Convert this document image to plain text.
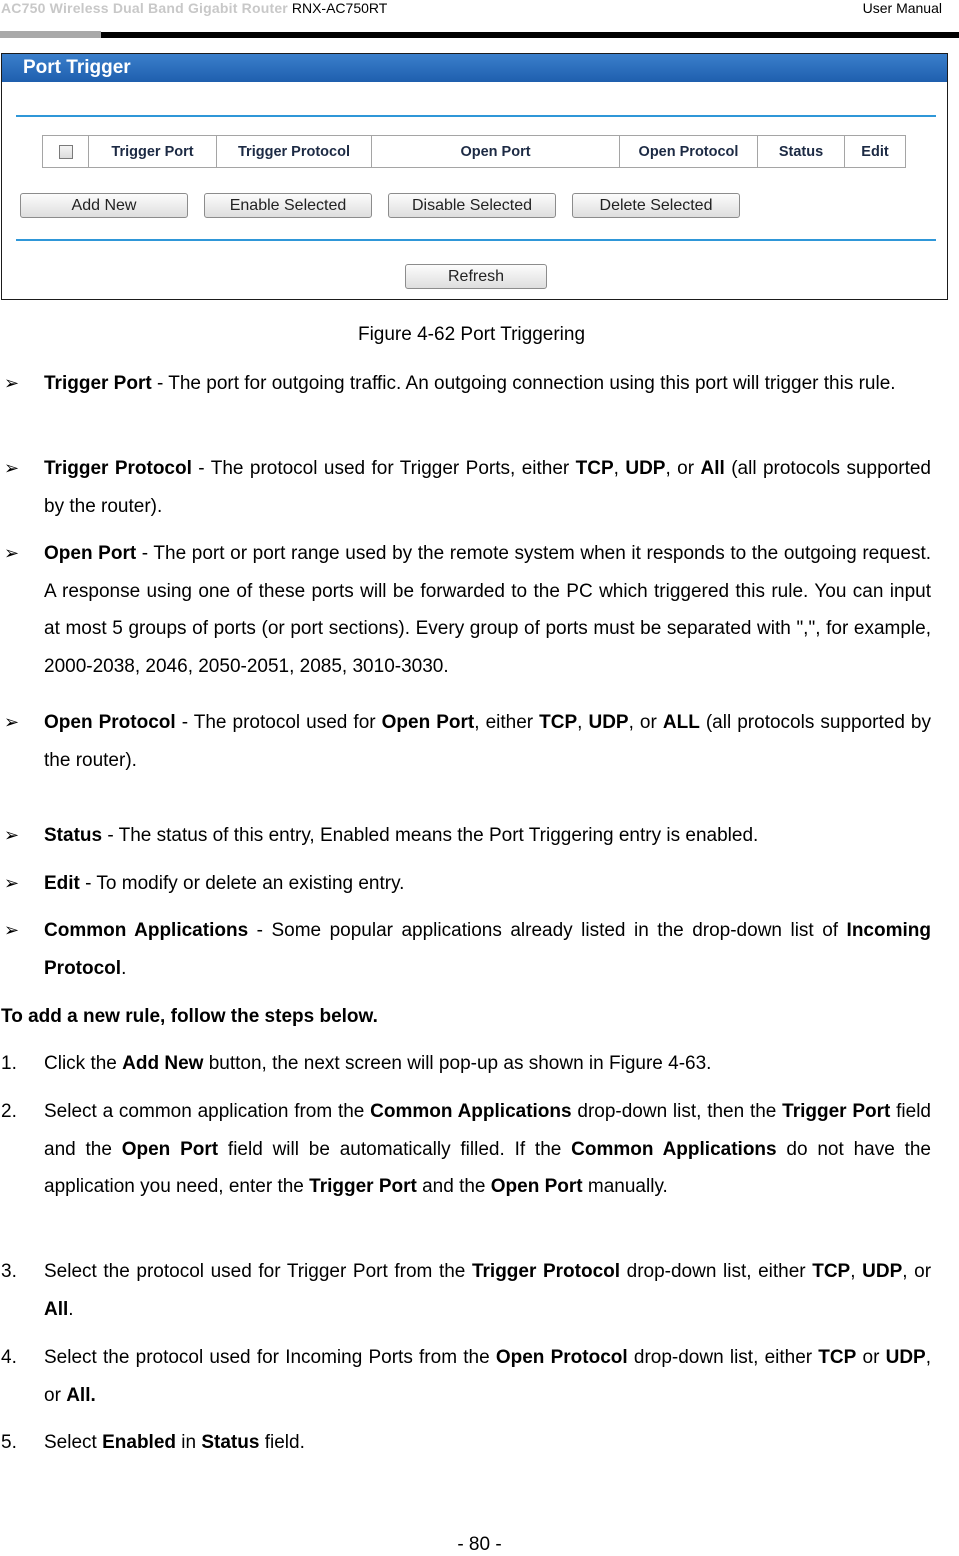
AC750 Wireless Dual Band Gigabit Router RNX-AC750RT	User Manual
Port Trigger
Trigger Port	Trigger Protocol	Open Port	Open Protocol	Status	Edit
Add New	Enable Selected	Disable Selected	Delete Selected
Refresh
Figure 4-62 Port Triggering
➢ Trigger Port - The port for outgoing traffic. An outgoing connection using this port will trigger this rule.
➢ Trigger Protocol - The protocol used for Trigger Ports, either TCP, UDP, or All (all protocols supported by the router).
➢ Open Port - The port or port range used by the remote system when it responds to the outgoing request. A response using one of these ports will be forwarded to the PC which triggered this rule. You can input at most 5 groups of ports (or port sections). Every group of ports must be separated with ",", for example, 2000-2038, 2046, 2050-2051, 2085, 3010-3030.
➢ Open Protocol - The protocol used for Open Port, either TCP, UDP, or ALL (all protocols supported by the router).
➢ Status - The status of this entry, Enabled means the Port Triggering entry is enabled.
➢ Edit - To modify or delete an existing entry.
➢ Common Applications - Some popular applications already listed in the drop-down list of Incoming Protocol.
To add a new rule, follow the steps below.
1. Click the Add New button, the next screen will pop-up as shown in Figure 4-63.
2. Select a common application from the Common Applications drop-down list, then the Trigger Port field and the Open Port field will be automatically filled. If the Common Applications do not have the application you need, enter the Trigger Port and the Open Port manually.
3. Select the protocol used for Trigger Port from the Trigger Protocol drop-down list, either TCP, UDP, or All.
4. Select the protocol used for Incoming Ports from the Open Protocol drop-down list, either TCP or UDP, or All.
5. Select Enabled in Status field.
- 80 -
